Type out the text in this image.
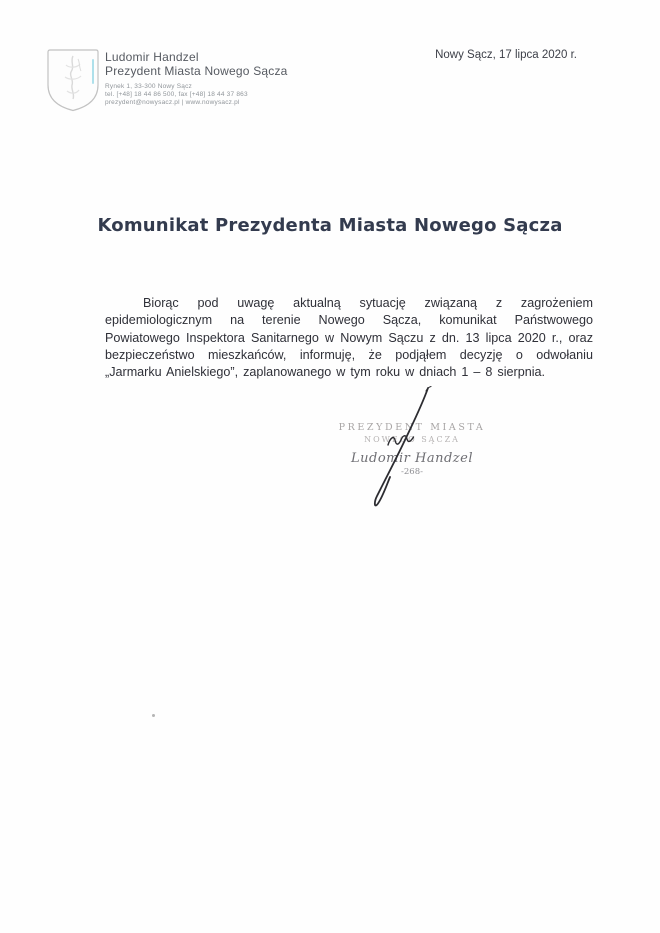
Ludomir Handzel
Prezydent Miasta Nowego Sącza
Rynek 1, 33-300 Nowy Sącz
tel. [+48] 18 44 86 500, fax [+48] 18 44 37 863
prezydent@nowysacz.pl | www.nowysacz.pl
Nowy Sącz, 17 lipca 2020 r.
Komunikat Prezydenta Miasta Nowego Sącza
Biorąc pod uwagę aktualną sytuację związaną z zagrożeniem epidemiologicznym na terenie Nowego Sącza, komunikat Państwowego Powiatowego Inspektora Sanitarnego w Nowym Sączu z dn. 13 lipca 2020 r., oraz bezpieczeństwo mieszkańców, informuję, że podjąłem decyzję o odwołaniu „Jarmarku Anielskiego”, zaplanowanego w tym roku w dniach 1 – 8 sierpnia.
PREZYDENT MIASTA
NOWEGO SĄCZA
Ludomir Handzel
-268-
